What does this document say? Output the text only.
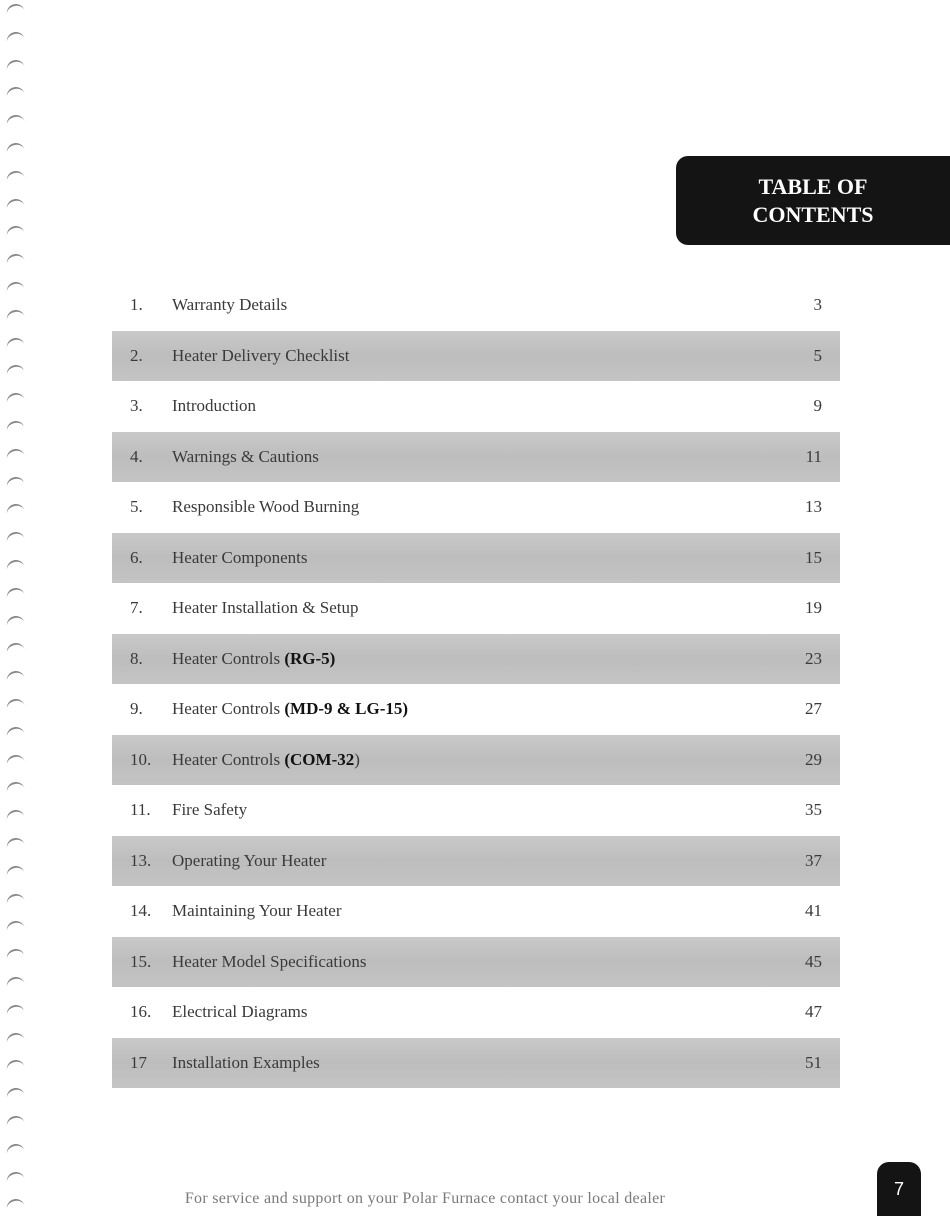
TABLE OF
CONTENTS
1.	Warranty Details	3
2.	Heater Delivery Checklist	5
3.	Introduction	9
4.	Warnings & Cautions	11
5.	Responsible Wood Burning	13
6.	Heater Components	15
7.	Heater Installation & Setup	19
8.	Heater Controls (RG-5)	23
9.	Heater Controls (MD-9 & LG-15)	27
10.	Heater Controls (COM-32)	29
11.	Fire Safety	35
13.	Operating Your Heater	37
14.	Maintaining Your Heater	41
15.	Heater Model Specifications	45
16.	Electrical Diagrams	47
17	Installation Examples	51
For service and support on your Polar Furnace contact your local dealer	7
